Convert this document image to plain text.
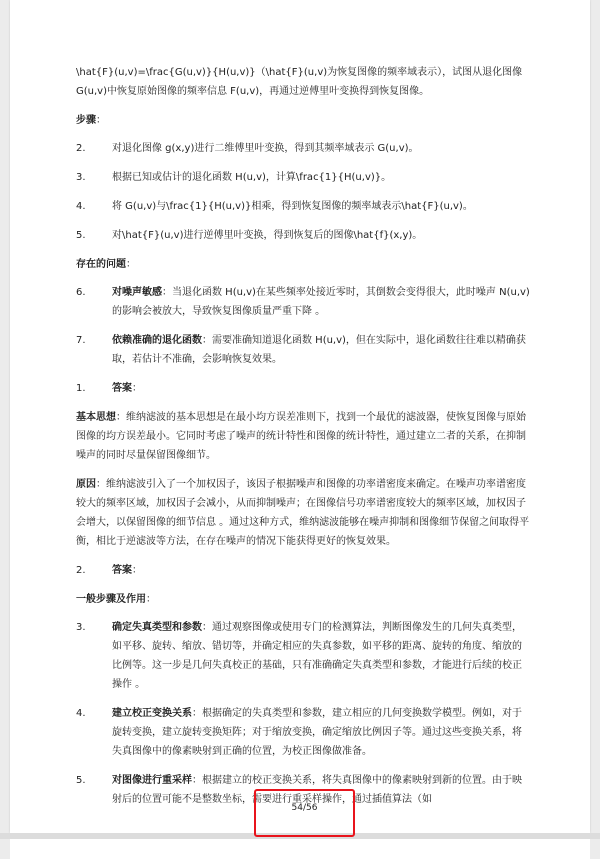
\hat{F}(u,v)=\frac{G(u,v)}{H(u,v)}（\hat{F}(u,v)为恢复图像的频率域表示），试图从退化图像 G(u,v)中恢复原始图像的频率信息 F(u,v)，再通过逆傅里叶变换得到恢复图像。
步骤：
2.	对退化图像 g(x,y)进行二维傅里叶变换，得到其频率域表示 G(u,v)。
3.	根据已知或估计的退化函数 H(u,v)，计算\frac{1}{H(u,v)}。
4.	将 G(u,v)与\frac{1}{H(u,v)}相乘，得到恢复图像的频率域表示\hat{F}(u,v)。
5.	对\hat{F}(u,v)进行逆傅里叶变换，得到恢复后的图像\hat{f}(x,y)。
存在的问题：
6.	对噪声敏感：当退化函数 H(u,v)在某些频率处接近零时，其倒数会变得很大，此时噪声 N(u,v)的影响会被放大，导致恢复图像质量严重下降 。
7.	依赖准确的退化函数：需要准确知道退化函数 H(u,v)，但在实际中，退化函数往往难以精确获取，若估计不准确，会影响恢复效果。
1.	答案：
基本思想：维纳滤波的基本思想是在最小均方误差准则下，找到一个最优的滤波器，使恢复图像与原始图像的均方误差最小。它同时考虑了噪声的统计特性和图像的统计特性，通过建立二者的关系，在抑制噪声的同时尽量保留图像细节。
原因：维纳滤波引入了一个加权因子，该因子根据噪声和图像的功率谱密度来确定。在噪声功率谱密度较大的频率区域，加权因子会减小，从而抑制噪声；在图像信号功率谱密度较大的频率区域，加权因子会增大，以保留图像的细节信息 。通过这种方式，维纳滤波能够在噪声抑制和图像细节保留之间取得平衡，相比于逆滤波等方法，在存在噪声的情况下能获得更好的恢复效果。
2.	答案：
一般步骤及作用：
3.	确定失真类型和参数：通过观察图像或使用专门的检测算法，判断图像发生的几何失真类型，如平移、旋转、缩放、错切等，并确定相应的失真参数，如平移的距离、旋转的角度、缩放的比例等。这一步是几何失真校正的基础，只有准确确定失真类型和参数，才能进行后续的校正操作 。
4.	建立校正变换关系：根据确定的失真类型和参数，建立相应的几何变换数学模型。例如，对于旋转变换，建立旋转变换矩阵；对于缩放变换，确定缩放比例因子等。通过这些变换关系，将失真图像中的像素映射到正确的位置，为校正图像做准备。
5.	对图像进行重采样：根据建立的校正变换关系，将失真图像中的像素映射到新的位置。由于映射后的位置可能不是整数坐标，需要进行重采样操作，通过插值算法（如
54/56
